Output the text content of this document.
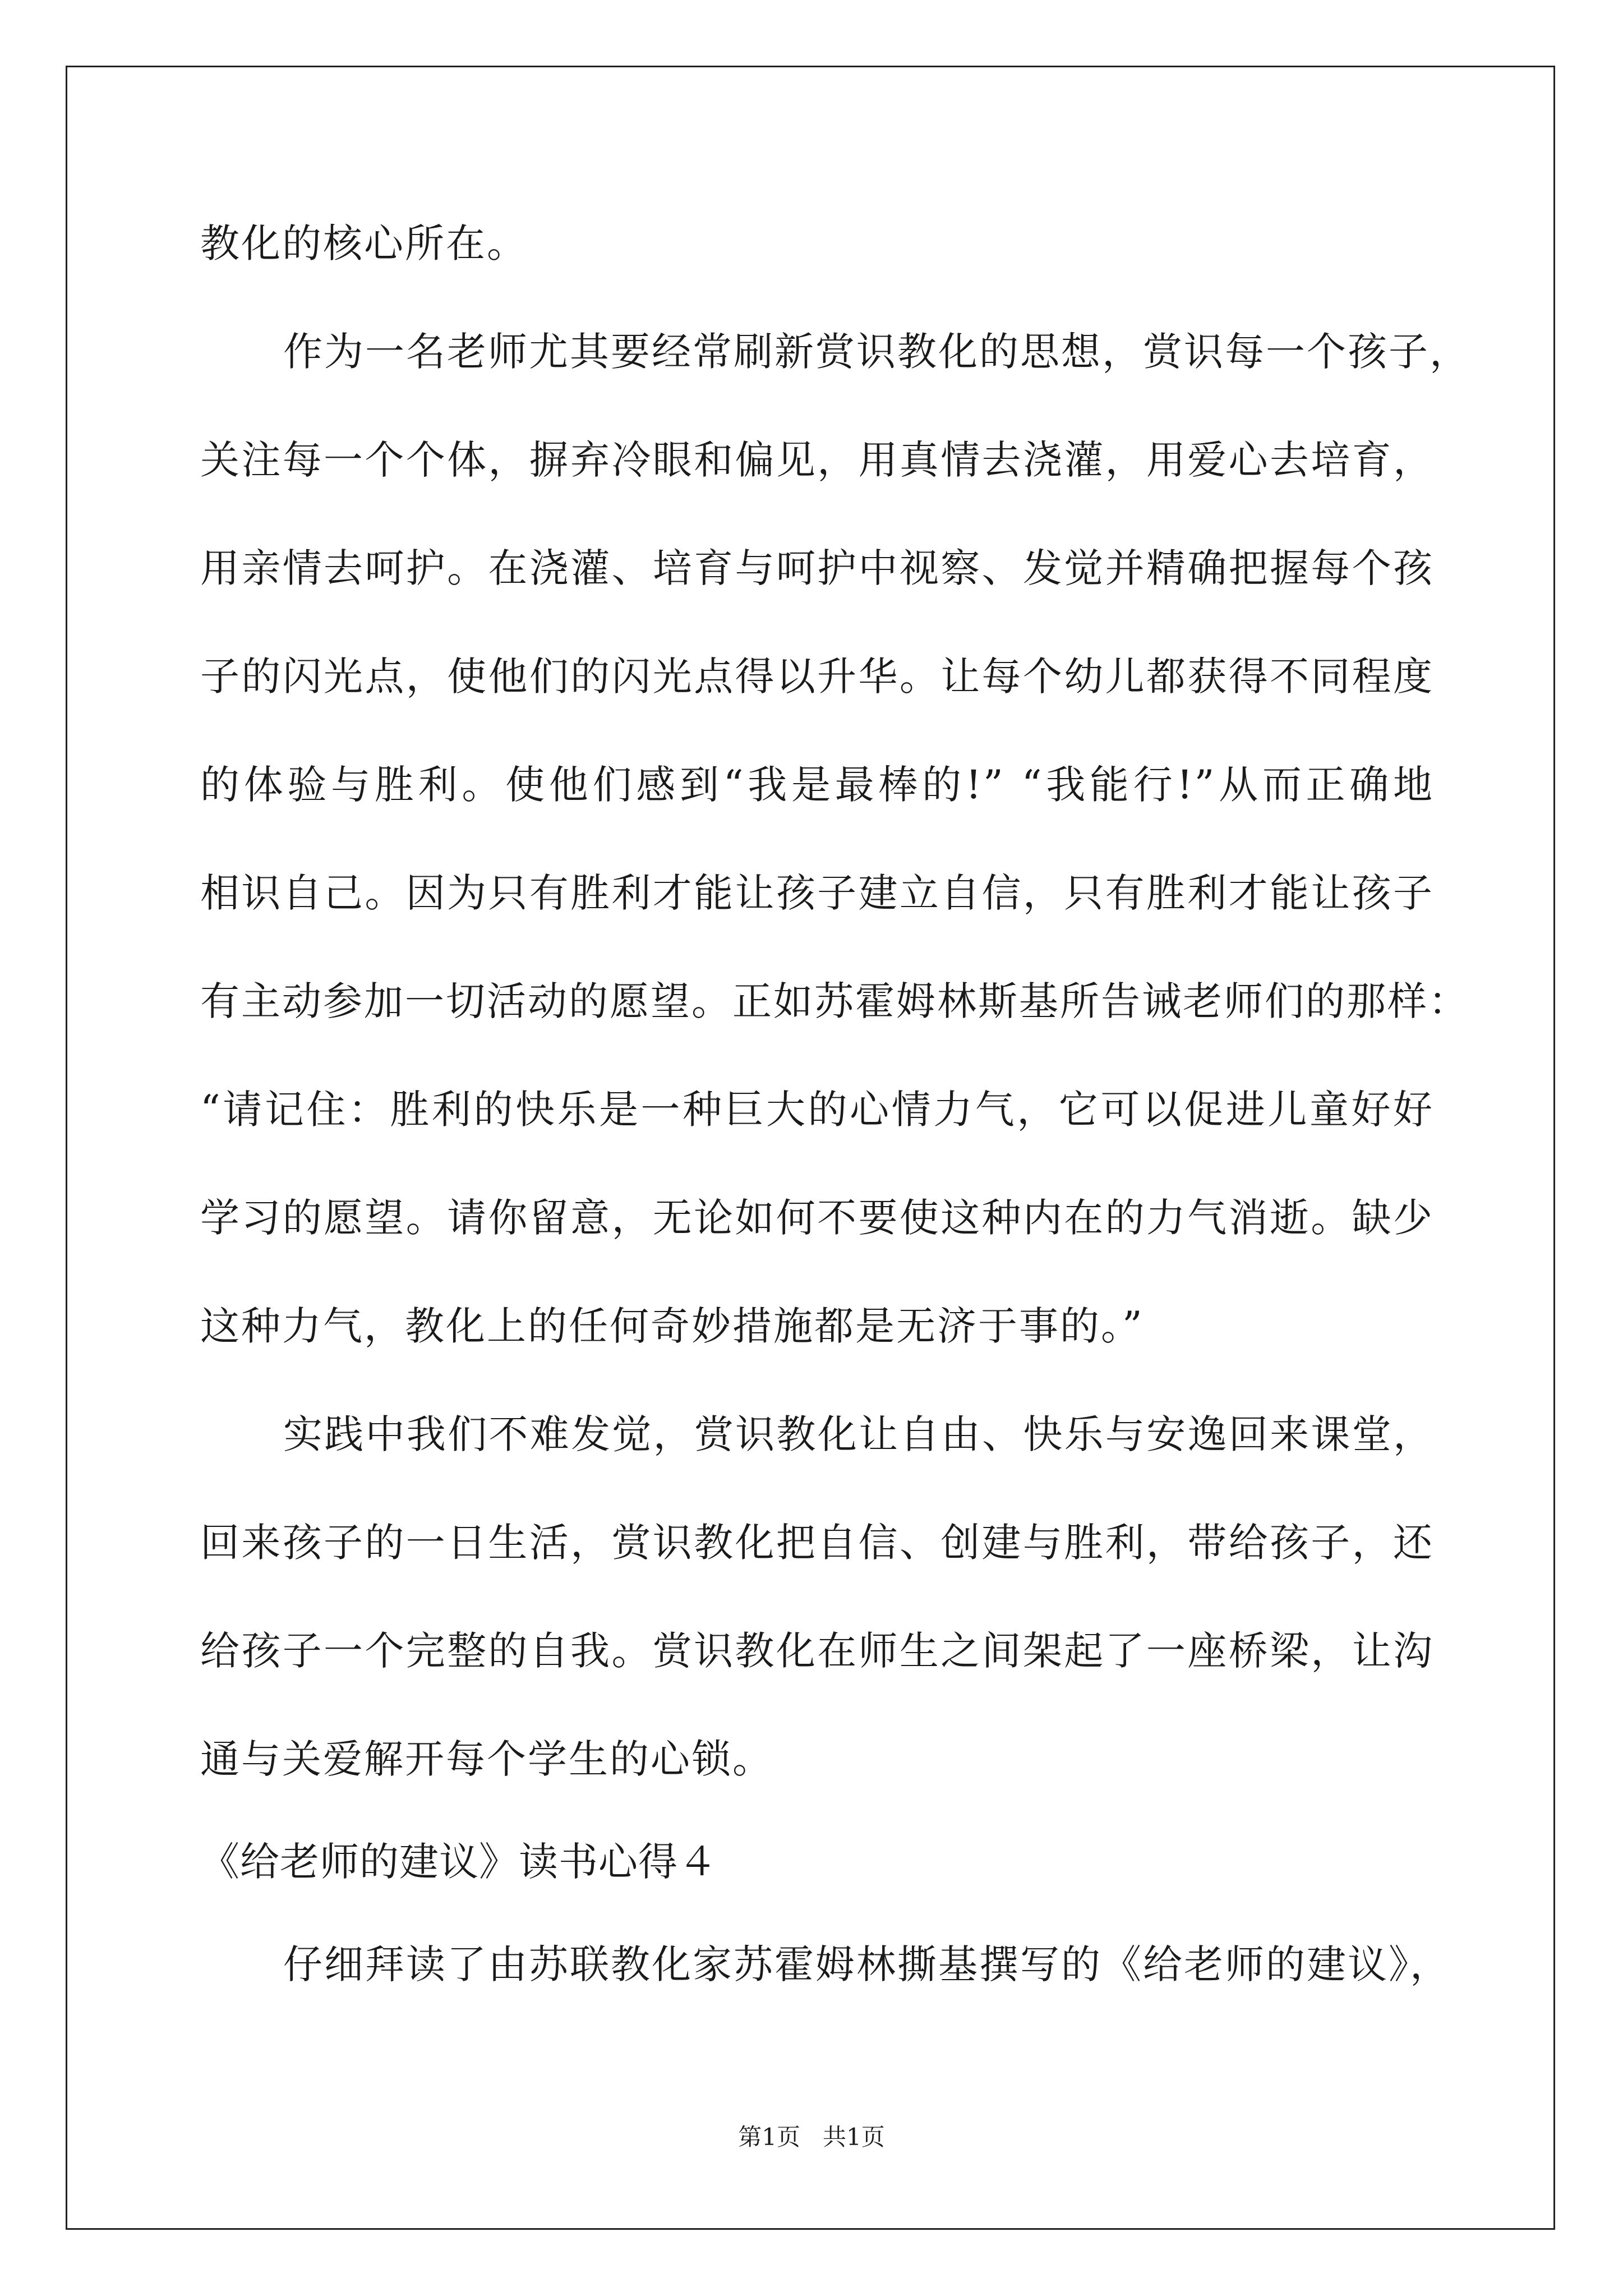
教化的核心所在。
作为一名老师尤其要经常刷新赏识教化的思想，赏识每一个孩子，
关注每一个个体，摒弃冷眼和偏见，用真情去浇灌，用爱心去培育，
用亲情去呵护。在浇灌、培育与呵护中视察、发觉并精确把握每个孩
子的闪光点，使他们的闪光点得以升华。让每个幼儿都获得不同程度
的体验与胜利。使他们感到“我是最棒的!” “我能行!”从而正确地
相识自己。因为只有胜利才能让孩子建立自信，只有胜利才能让孩子
有主动参加一切活动的愿望。正如苏霍姆林斯基所告诫老师们的那样：
“请记住：胜利的快乐是一种巨大的心情力气，它可以促进儿童好好
学习的愿望。请你留意，无论如何不要使这种内在的力气消逝。缺少
这种力气，教化上的任何奇妙措施都是无济于事的。”
实践中我们不难发觉，赏识教化让自由、快乐与安逸回来课堂，
回来孩子的一日生活，赏识教化把自信、创建与胜利，带给孩子，还
给孩子一个完整的自我。赏识教化在师生之间架起了一座桥梁，让沟
通与关爱解开每个学生的心锁。
《给老师的建议》读书心得４
仔细拜读了由苏联教化家苏霍姆林撕基撰写的《给老师的建议》，
第1页   共1页
